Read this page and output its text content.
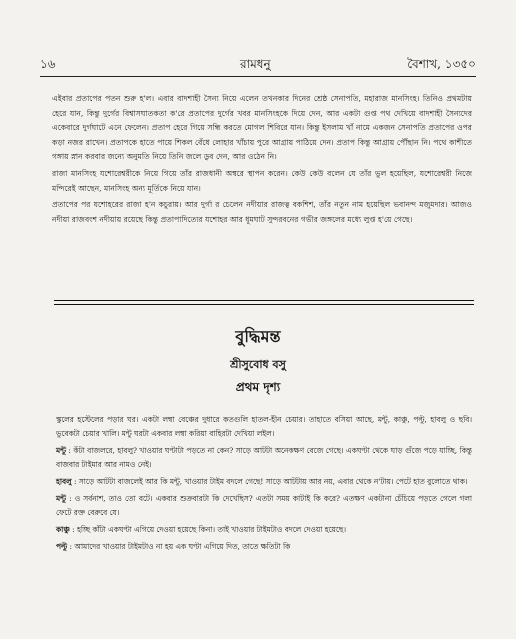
১৬	রামধনু	বৈশাখ, ১৩৫০

এইবার প্রতাপের পতন শুরু হ'ল। এবার বাদশাহী সৈন্য নিয়ে এলেন তখনকার দিনের শ্রেষ্ঠ সেনাপতি, মহারাজ মানসিংহ। তিনিও প্রথমটায় হেরে যান, কিন্তু দুর্গের বিশ্বাসঘাতকতা ক'রে প্রতাপের দুর্গের খবর মানসিংহকে দিয়ে দেন, আর একটা গুপ্ত পথ দেখিয়ে বাদশাহী সৈন্যদের একেবারে দুর্গঘাটে এনে ফেলেন। প্রতাপ হেরে গিয়ে সন্ধি করতে মোগল শিবিরে যান। কিন্তু ইসলাম খাঁ নামে একজন সেনাপতি প্রতাপের ওপর কড়া নজর রাখেন। প্রতাপকে হাতে পায়ে শিকল বেঁধে লোহার খাঁচায় পুরে আগ্রায় পাঠিয়ে দেন। প্রতাপ কিন্তু আগ্রায় পৌঁছান নি। পথে কাশীতে গঙ্গায় স্নান করবার জন্যে অনুমতি নিয়ে তিনি জলে ডুব দেন, আর ওঠেন নি।

রাজা মানসিংহ যশোরেশ্বরীকে নিয়ে গিয়ে তাঁর রাজধানী অম্বরে স্থাপন করেন। কেউ কেউ বলেন যে তাঁর ভুল হয়েছিল, যশোরেশ্বরী নিজে মন্দিরেই আছেন, মানসিংহ অন্য মূর্তিকে নিয়ে যান।

প্রতাপের পর যশোহরের রাজা হ'ন কচুরায়। আর দুর্গা র চেলেন নদীয়ার রাজত্ব বকশিশ, তাঁর নতুন নাম হয়েছিল ভবানন্দ মজুমদার। আজও নদীয়া রাজবংশ নদীয়ায় রয়েছে কিন্তু প্রতাপাদিত্যের যশোহর আর ধূমঘাট সুন্দরবনের গভীর জঙ্গলের মধ্যে লুপ্ত হ'য়ে গেছে।

বুদ্ধিমন্ত
শ্রীসুবোধ বসু
প্রথম দৃশ্য

স্কুলের হস্টেলের পড়ার ঘর। একটা লম্বা বেঞ্চের দুধারে কতগুলি হাতল-হীন চেয়ার। তাহাতে বসিয়া আছে, মন্টু, কাঞ্চু, পল্টু, হাবলু ও ছবি। ভুবেকটা চেয়ার খালি। মন্টু ঘরটা একবার লম্বা করিয়া বাহিরটা দেখিয়া লইল।

মন্টু : কঁটা বাজলরে, হাবলু? খাওয়ার ঘণ্টাটা পড়তে না কেন? সাড়ে আটটা অনেকক্ষণ বেজে গেছে। একঘণ্টা থেকে ঘাড় গুঁজে পড়ে যাচ্ছি, কিন্তু বাজবার টাইমার আর নামও নেই।

হাবলু : সাড়ে আটটা বাজলেই আর কি মন্টু, খাওয়ার টাইম বদলে গেছে! সাড়ে আটটায় আর নয়, এবার থেকে ন'টায়। পেটে হাত বুলোতে থাক।

মন্টু : ও সর্বনাশ, তাও তো বটে। একবার শুক্রবারটা কি দেখেছিস? এতটা সময় কাটাই কি করে? এতক্ষণ একটানা চেঁচিয়ে পড়তে গেলে গলা ফেটে রক্ত বেরুবে যে।

কাঞ্চু : হচ্ছি কাঁটা একঘণ্টা এগিয়ে দেওয়া হয়েছে কিনা। তাই খাওয়ার টাইমটাও বদলে দেওয়া হয়েছে।

পল্টু : আমাদের খাওয়ার টাইমটাও না হয় এক ঘণ্টা এগিয়ে দিত, তাতে ক্ষতিটা কি
